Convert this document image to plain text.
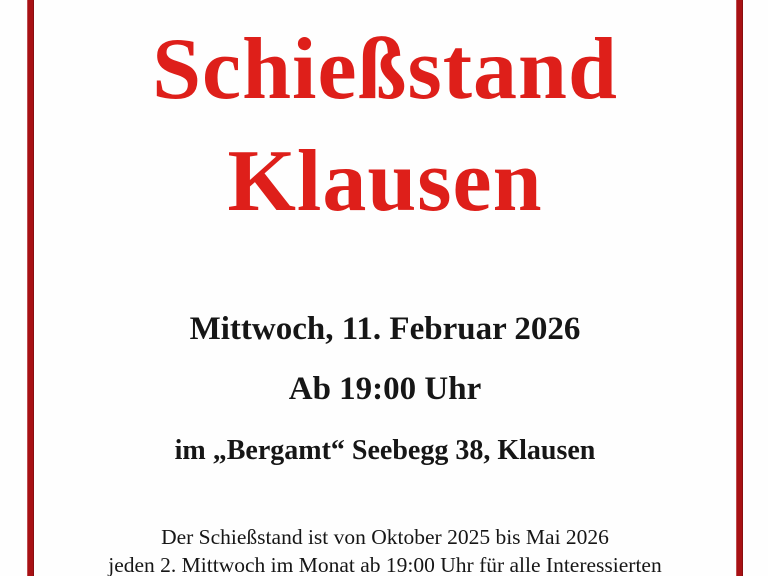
Schießstand
Klausen
Mittwoch, 11. Februar 2026
Ab 19:00 Uhr
im „Bergamt“ Seebegg 38, Klausen
Der Schießstand ist von Oktober 2025 bis Mai 2026
jeden 2. Mittwoch im Monat ab 19:00 Uhr für alle Interessierten
